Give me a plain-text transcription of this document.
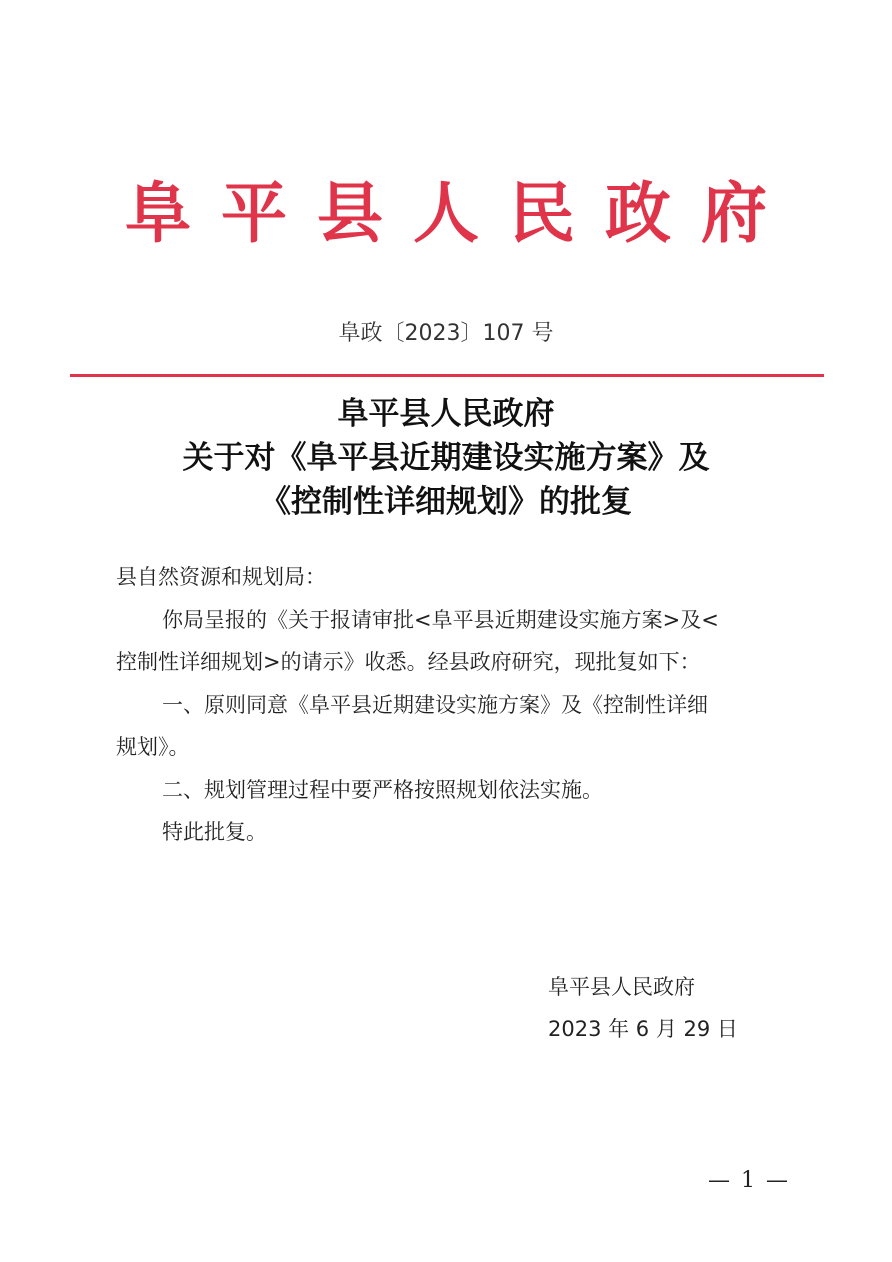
阜平县人民政府
阜政〔2023〕107 号
阜平县人民政府
关于对《阜平县近期建设实施方案》及
《控制性详细规划》的批复
县自然资源和规划局：
你局呈报的《关于报请审批<阜平县近期建设实施方案>及<
控制性详细规划>的请示》收悉。经县政府研究，现批复如下：
一、原则同意《阜平县近期建设实施方案》及《控制性详细
规划》。
二、规划管理过程中要严格按照规划依法实施。
特此批复。
阜平县人民政府
2023 年 6 月 29 日
— 1 —
